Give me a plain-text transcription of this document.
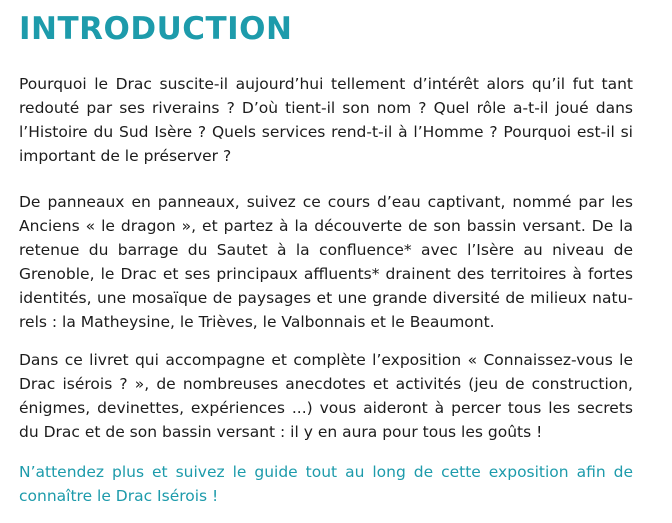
INTRODUCTION

Pourquoi le Drac suscite-il aujourd’hui tellement d’intérêt alors qu’il fut tant redouté par ses riverains ? D’où tient-il son nom ? Quel rôle a-t-il joué dans l’Histoire du Sud Isère ? Quels services rend-t-il à l’Homme ? Pourquoi est-il si important de le préserver ?

De panneaux en panneaux, suivez ce cours d’eau captivant, nommé par les Anciens « le dragon », et partez à la découverte de son bassin versant. De la retenue du barrage du Sautet à la confluence* avec l’Isère au niveau de Grenoble, le Drac et ses principaux affluents* drainent des territoires à fortes identités, une mosaïque de paysages et une grande diversité de milieux natu-rels : la Matheysine, le Trièves, le Valbonnais et le Beaumont.

Dans ce livret qui accompagne et complète l’exposition « Connaissez-vous le Drac isérois ? », de nombreuses anecdotes et activités (jeu de construction, énigmes, devinettes, expériences ...) vous aideront à percer tous les secrets du Drac et de son bassin versant : il y en aura pour tous les goûts !

N’attendez plus et suivez le guide tout au long de cette exposition afin de connaître le Drac Isérois !
